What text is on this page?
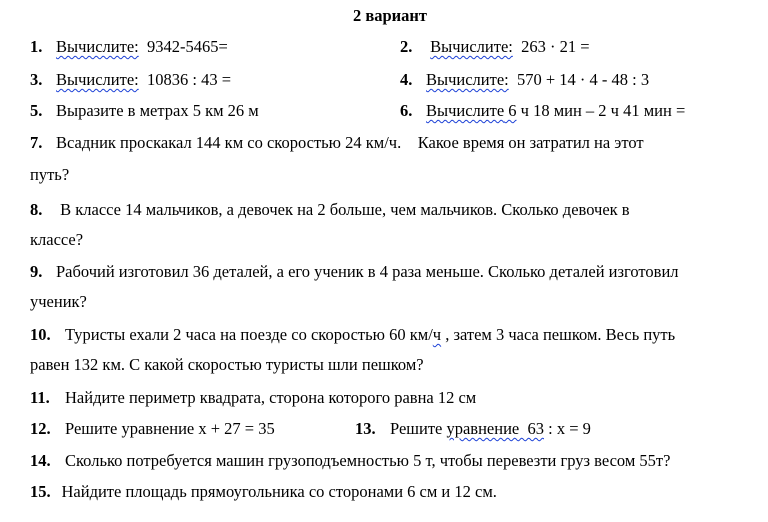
2 вариант
1. Вычислите:  9342-5465=	2. Вычислите:  263 · 21 =
3. Вычислите:  10836 : 43 =	4. Вычислите:  570 + 14 · 4 - 48 : 3
5. Выразите в метрах 5 км 26 м	6. Вычислите 6 ч 18 мин – 2 ч 41 мин =
7. Всадник проскакал 144 км со скоростью 24 км/ч.    Какое время он затратил на этот
путь?
8. В классе 14 мальчиков, а девочек на 2 больше, чем мальчиков. Сколько девочек в
классе?
9. Рабочий изготовил 36 деталей, а его ученик в 4 раза меньше. Сколько деталей изготовил
ученик?
10. Туристы ехали 2 часа на поезде со скоростью 60 км/ч , затем 3 часа пешком. Весь путь
равен 132 км. С какой скоростью туристы шли пешком?
11. Найдите периметр квадрата, сторона которого равна 12 см
12. Решите уравнение х + 27 = 35	13. Решите уравнение  63 : х = 9
14. Сколько потребуется машин грузоподъемностью 5 т, чтобы перевезти груз весом 55т?
15. Найдите площадь прямоугольника со сторонами 6 см и 12 см.
